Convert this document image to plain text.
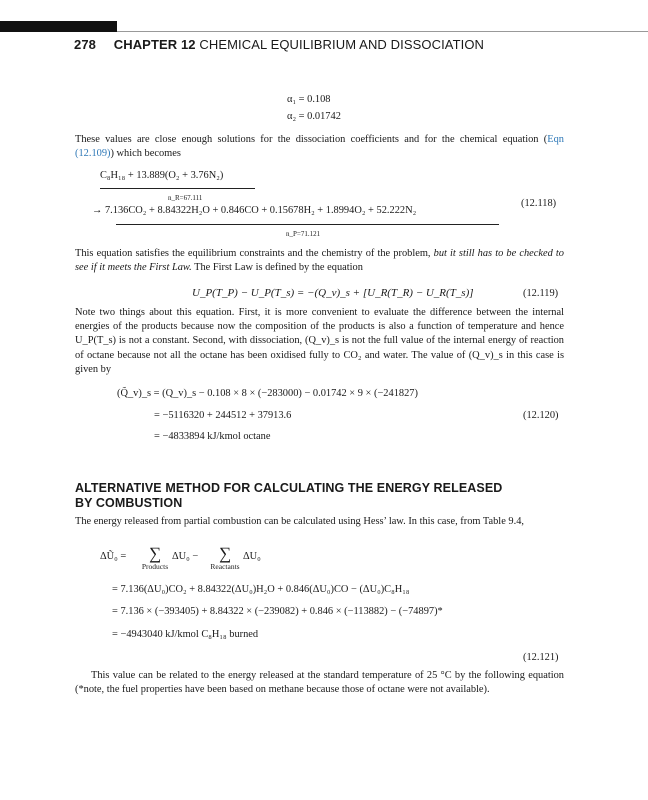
278 CHAPTER 12 CHEMICAL EQUILIBRIUM AND DISSOCIATION
α₁ = 0.108
α₂ = 0.01742
These values are close enough solutions for the dissociation coefficients and for the chemical equation (Eqn (12.109)) which becomes
C₈H₁₈ + 13.889(O₂ + 3.76N₂)
n_R=67.111
→ 7.136CO₂ + 8.84322H₂O + 0.846CO + 0.15678H₂ + 1.8994O₂ + 52.222N₂
n_P=71.121
(12.118)
This equation satisfies the equilibrium constraints and the chemistry of the problem, but it still has to be checked to see if it meets the First Law. The First Law is defined by the equation
U_P(T_P) − U_P(T_s) = −(Q_v)_s + [U_R(T_R) − U_R(T_s)]	(12.119)
Note two things about this equation. First, it is more convenient to evaluate the difference between the internal energies of the products because now the composition of the products is also a function of temperature and hence U_P(T_s) is not a constant. Second, with dissociation, (Q_v)_s is not the full value of the internal energy of reaction of octane because not all the octane has been oxidised fully to CO₂ and water. The value of (Q_v)_s in this case is given by
(Q̃_v)_s = (Q_v)_s − 0.108 × 8 × (−283000) − 0.01742 × 9 × (−241827)
= −5116320 + 244512 + 37913.6
= −4833894 kJ/kmol octane
(12.120)
ALTERNATIVE METHOD FOR CALCULATING THE ENERGY RELEASED
BY COMBUSTION
The energy released from partial combustion can be calculated using Hess’ law. In this case, from Table 9.4,
ΔŨ₀ =	∑
Products
ΔU₀ −	∑
Reactants
ΔU₀
= 7.136(ΔU₀)CO₂ + 8.84322(ΔU₀)H₂O + 0.846(ΔU₀)CO − (ΔU₀)C₈H₁₈
= 7.136 × (−393405) + 8.84322 × (−239082) + 0.846 × (−113882) − (−74897)*
= −4943040 kJ/kmol C₈H₁₈ burned
(12.121)
This value can be related to the energy released at the standard temperature of 25 °C by the following equation (*note, the fuel properties have been based on methane because those of octane were not available).
